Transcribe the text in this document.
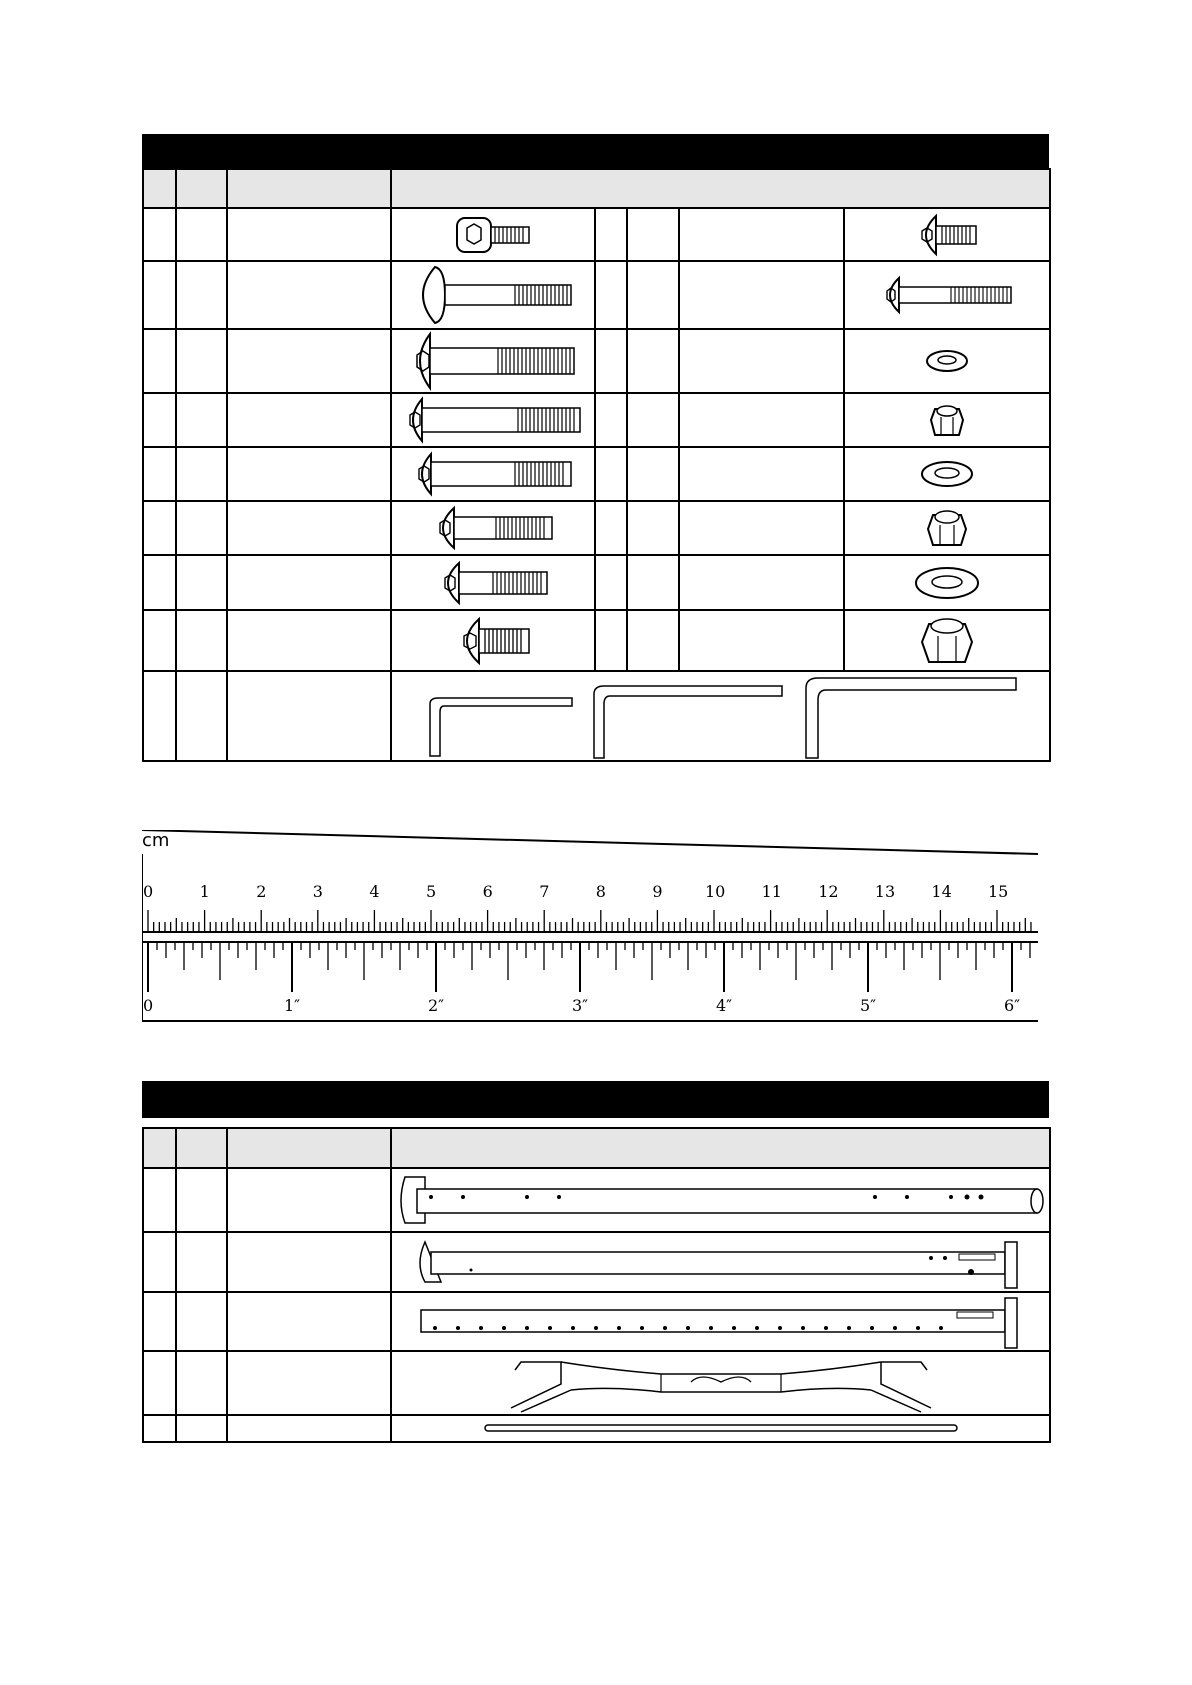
cm
0	1	2	3	4	5	6	7	8	9	10 11 12 13 14 15
0	1″	2″	3″	4″	5″	6″
